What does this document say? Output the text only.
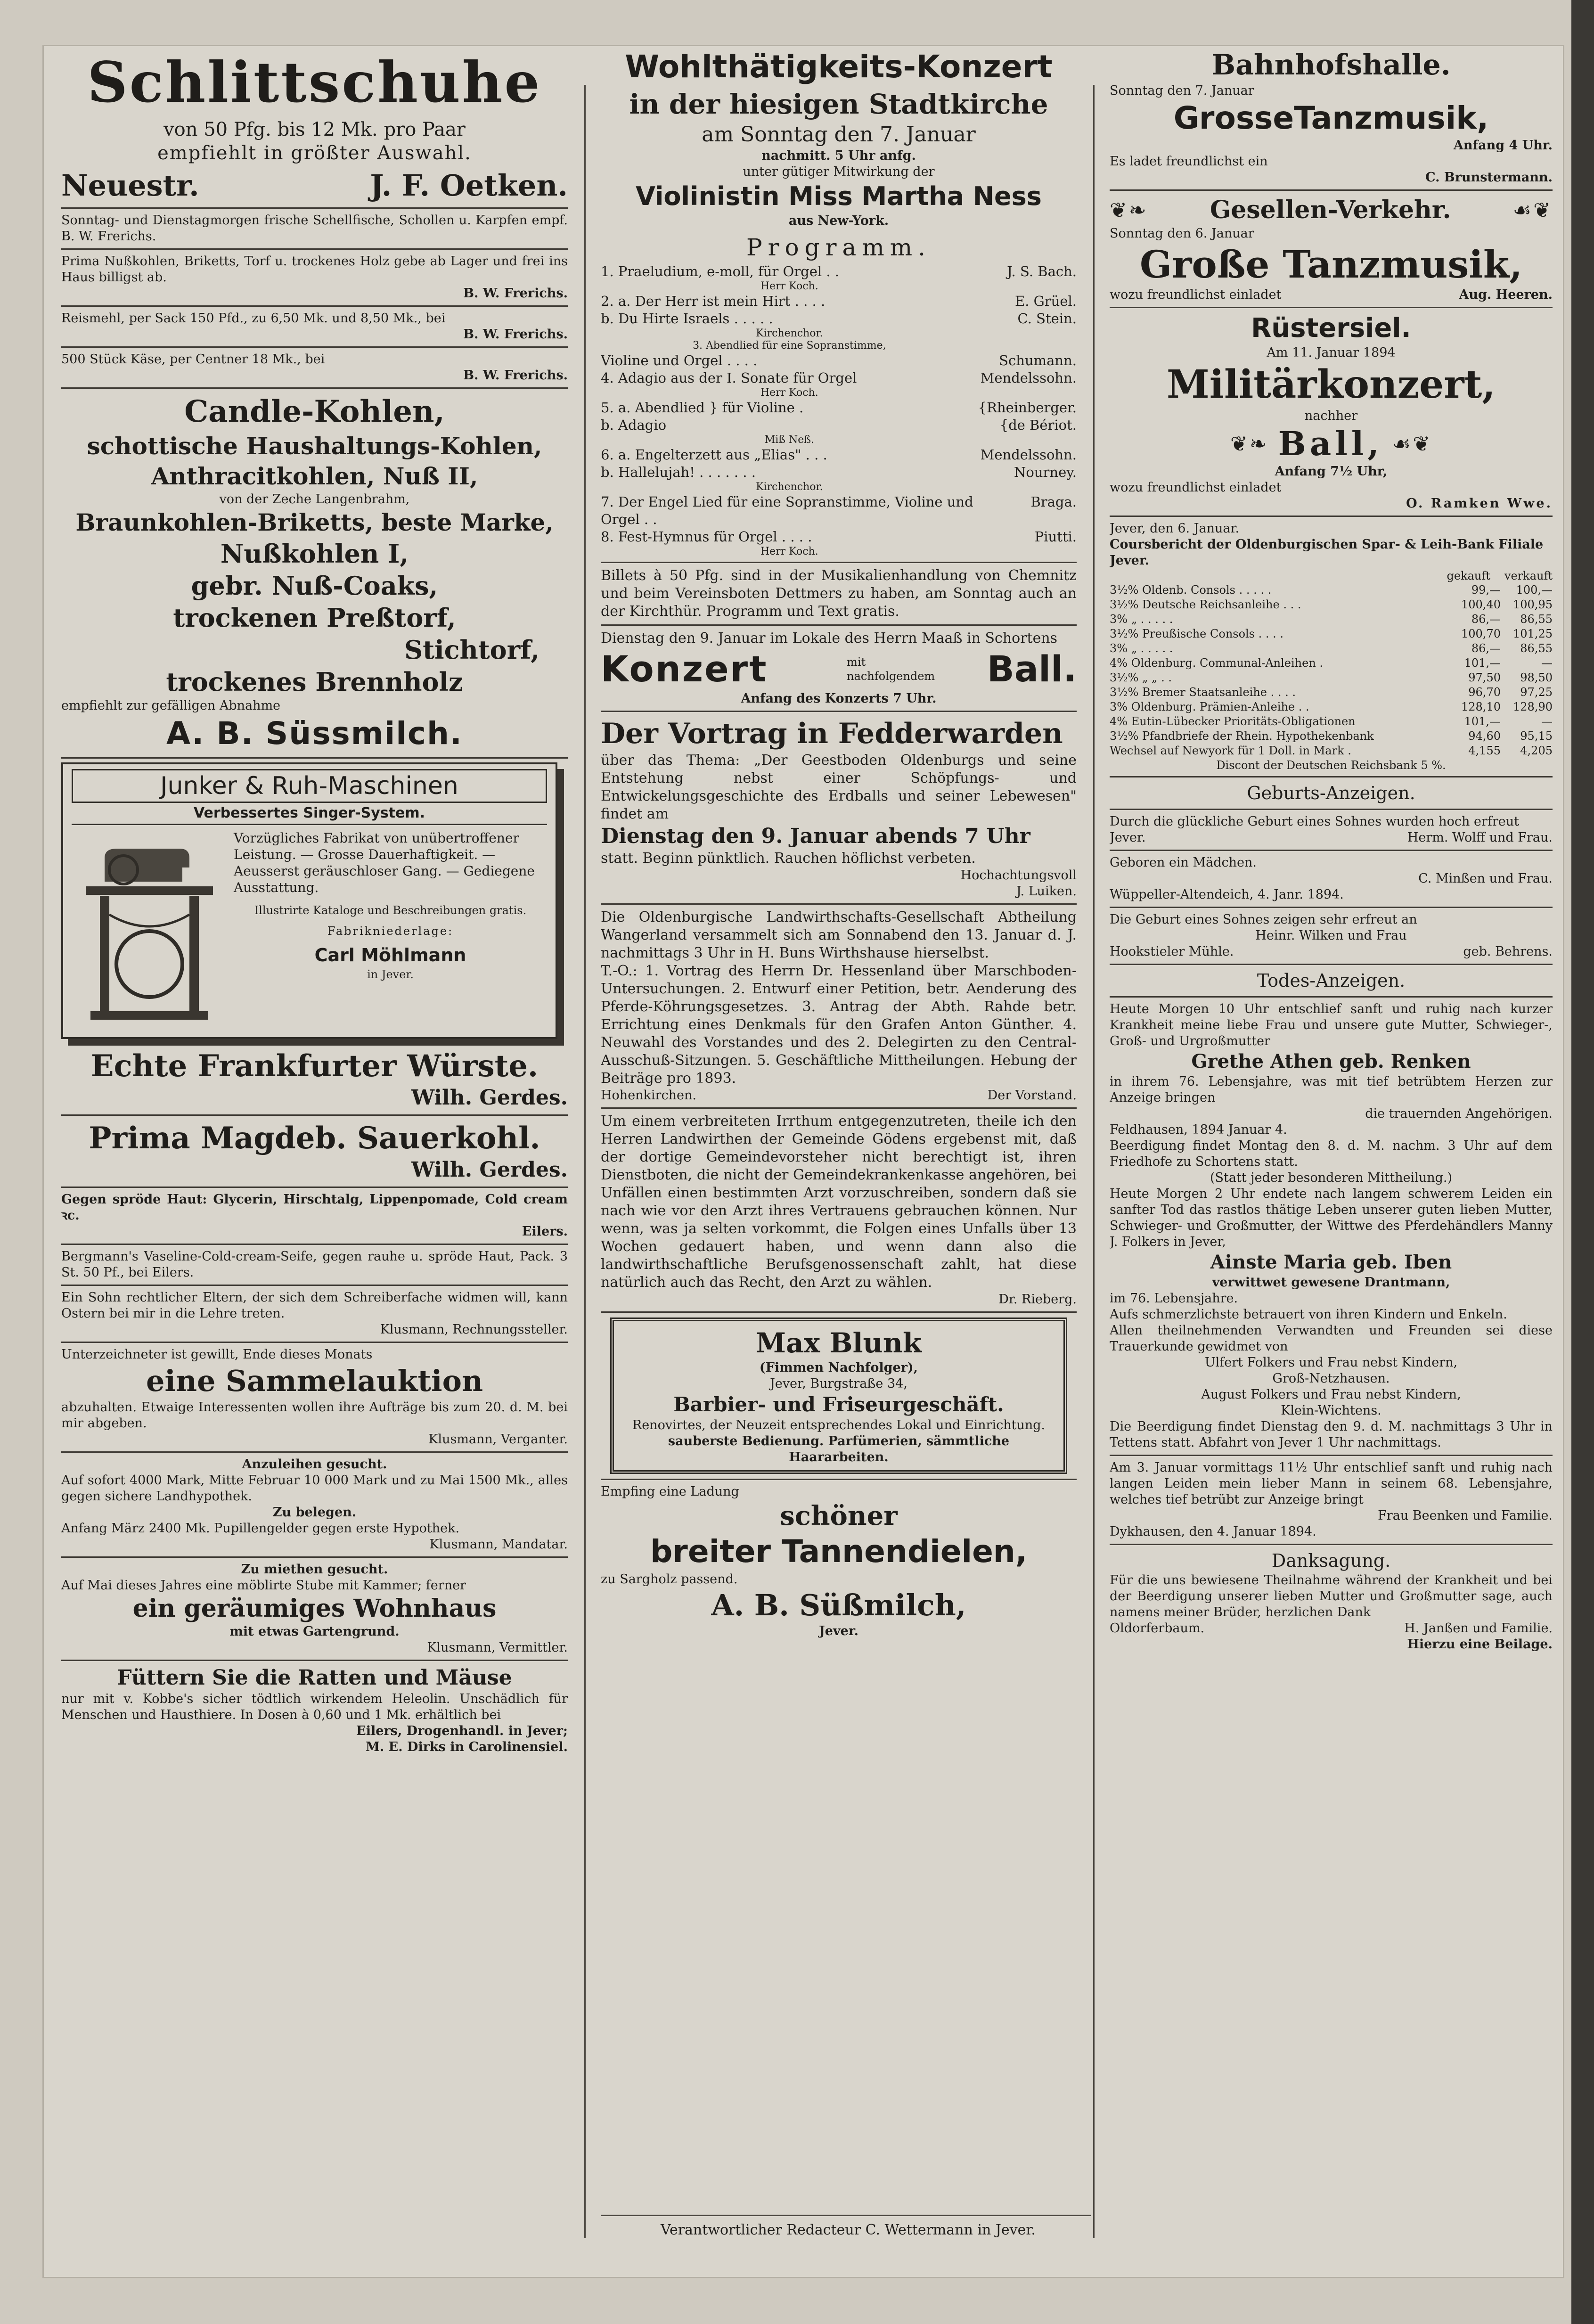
Schlittschuhe

von 50 Pfg. bis 12 Mk. pro Paar

empfiehlt in größter Auswahl.

Neuestr.	J. F. Oetken.

Sonntag- und Dienstagmorgen frische Schellfische, Schollen u. Karpfen empf. B. W. Frerichs.

Prima Nußkohlen, Briketts, Torf u. trockenes Holz gebe ab Lager und frei ins Haus billigst ab.

B. W. Frerichs.

Reismehl, per Sack 150 Pfd., zu 6,50 Mk. und 8,50 Mk., bei

B. W. Frerichs.

500 Stück Käse, per Centner 18 Mk., bei

B. W. Frerichs.

Candle-Kohlen,
schottische Haushaltungs-Kohlen,
Anthracitkohlen, Nuß II,

von der Zeche Langenbrahm,

Braunkohlen-Briketts, beste Marke,
Nußkohlen I,
gebr. Nuß-Coaks,
trockenen Preßtorf,
Stichtorf,
trockenes Brennholz

empfiehlt zur gefälligen Abnahme

A. B. Süssmilch.
Junker & Ruh-Maschinen
Verbessertes Singer-System.

Vorzügliches Fabrikat von unübertroffener Leistung. — Grosse Dauerhaftigkeit. — Aeusserst geräuschloser Gang. — Gediegene Ausstattung.

Illustrirte Kataloge und Beschreibungen gratis.

Fabrikniederlage:

Carl Möhlmann

in Jever.

Echte Frankfurter Würste.

Wilh. Gerdes.

Prima Magdeb. Sauerkohl.

Wilh. Gerdes.

Gegen spröde Haut: Glycerin, Hirschtalg, Lippenpomade, Cold cream ꝛc.

Eilers.

Bergmann's Vaseline-Cold-cream-Seife, gegen rauhe u. spröde Haut, Pack. 3 St. 50 Pf., bei Eilers.

Ein Sohn rechtlicher Eltern, der sich dem Schreiberfache widmen will, kann Ostern bei mir in die Lehre treten.

Klusmann, Rechnungssteller.

Unterzeichneter ist gewillt, Ende dieses Monats

eine Sammelauktion

abzuhalten. Etwaige Interessenten wollen ihre Aufträge bis zum 20. d. M. bei mir abgeben.

Klusmann, Verganter.

Anzuleihen gesucht.

Auf sofort 4000 Mark, Mitte Februar 10 000 Mark und zu Mai 1500 Mk., alles gegen sichere Landhypothek.

Zu belegen.

Anfang März 2400 Mk. Pupillengelder gegen erste Hypothek.

Klusmann, Mandatar.

Zu miethen gesucht.

Auf Mai dieses Jahres eine möblirte Stube mit Kammer; ferner

ein geräumiges Wohnhaus

mit etwas Gartengrund.

Klusmann, Vermittler.

Füttern Sie die Ratten und Mäuse

nur mit v. Kobbe's sicher tödtlich wirkendem Heleolin. Unschädlich für Menschen und Hausthiere. In Dosen à 0,60 und 1 Mk. erhältlich bei

Eilers, Drogenhandl. in Jever;

M. E. Dirks in Carolinensiel.

Wohlthätigkeits-Konzert
in der hiesigen Stadtkirche
am Sonntag den 7. Januar

nachmitt. 5 Uhr anfg.

unter gütiger Mitwirkung der

Violinistin Miss Martha Ness

aus New-York.

Programm.
1. Praeludium, e-moll, für Orgel . .	J. S. Bach.
Herr Koch.	
2. a. Der Herr ist mein Hirt . . . .	E. Grüel.
b. Du Hirte Israels . . . . .	C. Stein.
Kirchenchor.	
3. Abendlied für eine Sopranstimme,	
Violine und Orgel . . . .	Schumann.
4. Adagio aus der I. Sonate für Orgel	Mendelssohn.
Herr Koch.	
5. a. Abendlied } für Violine .	{Rheinberger.
b. Adagio	{de Bériot.
Miß Neß.	
6. a. Engelterzett aus „Elias" . . .	Mendelssohn.
b. Hallelujah! . . . . . . .	Nourney.
Kirchenchor.	
7. Der Engel Lied für eine Sopranstimme, Violine und Orgel . .	Braga.
8. Fest-Hymnus für Orgel . . . .	Piutti.
Herr Koch.	

Billets à 50 Pfg. sind in der Musikalienhandlung von Chemnitz und beim Vereinsboten Dettmers zu haben, am Sonntag auch an der Kirchthür. Programm und Text gratis.

Dienstag den 9. Januar im Lokale des Herrn Maaß in Schortens

Konzert	mit nachfolgendem Ball.

Anfang des Konzerts 7 Uhr.

Der Vortrag in Fedderwarden

über das Thema: „Der Geestboden Oldenburgs und seine Entstehung nebst einer Schöpfungs- und Entwickelungsgeschichte des Erdballs und seiner Lebewesen" findet am

Dienstag den 9. Januar abends 7 Uhr

statt. Beginn pünktlich. Rauchen höflichst verbeten.

Hochachtungsvoll

J. Luiken.

Die Oldenburgische Landwirthschafts-Gesellschaft Abtheilung Wangerland versammelt sich am Sonnabend den 13. Januar d. J. nachmittags 3 Uhr in H. Buns Wirthshause hierselbst.

T.-O.: 1. Vortrag des Herrn Dr. Hessenland über Marschboden-Untersuchungen. 2. Entwurf einer Petition, betr. Aenderung des Pferde-Köhrungsgesetzes. 3. Antrag der Abth. Rahde betr. Errichtung eines Denkmals für den Grafen Anton Günther. 4. Neuwahl des Vorstandes und des 2. Delegirten zu den Central-Ausschuß-Sitzungen. 5. Geschäftliche Mittheilungen. Hebung der Beiträge pro 1893.

Hohenkirchen.	Der Vorstand.

Um einem verbreiteten Irrthum entgegenzutreten, theile ich den Herren Landwirthen der Gemeinde Gödens ergebenst mit, daß der dortige Gemeindevorsteher nicht berechtigt ist, ihren Dienstboten, die nicht der Gemeindekrankenkasse angehören, bei Unfällen einen bestimmten Arzt vorzuschreiben, sondern daß sie nach wie vor den Arzt ihres Vertrauens gebrauchen können. Nur wenn, was ja selten vorkommt, die Folgen eines Unfalls über 13 Wochen gedauert haben, und wenn dann also die landwirthschaftliche Berufsgenossenschaft zahlt, hat diese natürlich auch das Recht, den Arzt zu wählen.

Dr. Rieberg.

Max Blunk

(Fimmen Nachfolger),

Jever, Burgstraße 34,

Barbier- und Friseurgeschäft.

Renovirtes, der Neuzeit entsprechendes Lokal und Einrichtung.

sauberste Bedienung. Parfümerien, sämmtliche Haararbeiten.

Empfing eine Ladung

schöner
breiter Tannendielen,

zu Sargholz passend.

A. B. Süßmilch,

Jever.

Bahnhofshalle.

Sonntag den 7. Januar

GrosseTanzmusik,

Anfang 4 Uhr.

Es ladet freundlichst ein

C. Brunstermann.

❦❧	Gesellen-Verkehr.	☙❦

Sonntag den 6. Januar

Große Tanzmusik,
wozu freundlichst einladet	Aug. Heeren.
Rüstersiel.

Am 11. Januar 1894

Militärkonzert,

nachher

❦❧ Ball, ☙❦

Anfang 7½ Uhr,

wozu freundlichst einladet

O. Ramken Wwe.

Jever, den 6. Januar.

Coursbericht der Oldenburgischen Spar- & Leih-Bank Filiale Jever.

gekauft verkauft
3½% Oldenb. Consols . . . . .	99,—	100,—
3½% Deutsche Reichsanleihe . . .	100,40	100,95
3% „ . . . . .	86,—	86,55
3½% Preußische Consols . . . .	100,70	101,25
3% „ . . . . .	86,—	86,55
4% Oldenburg. Communal-Anleihen .	101,—	—
3½% „ „ . .	97,50	98,50
3½% Bremer Staatsanleihe . . . .	96,70	97,25
3% Oldenburg. Prämien-Anleihe . .	128,10	128,90
4% Eutin-Lübecker Prioritäts-Obligationen	101,—	—
3½% Pfandbriefe der Rhein. Hypothekenbank	94,60	95,15
Wechsel auf Newyork für 1 Doll. in Mark .	4,155	4,205

Discont der Deutschen Reichsbank 5 %.

Geburts-Anzeigen.

Durch die glückliche Geburt eines Sohnes wurden hoch erfreut

Jever.	Herm. Wolff und Frau.

Geboren ein Mädchen.

C. Minßen und Frau.

Wüppeller-Altendeich, 4. Janr. 1894.

Die Geburt eines Sohnes zeigen sehr erfreut an

Heinr. Wilken und Frau

Hookstieler Mühle.	geb. Behrens.

Todes-Anzeigen.

Heute Morgen 10 Uhr entschlief sanft und ruhig nach kurzer Krankheit meine liebe Frau und unsere gute Mutter, Schwieger-, Groß- und Urgroßmutter

Grethe Athen geb. Renken

in ihrem 76. Lebensjahre, was mit tief betrübtem Herzen zur Anzeige bringen

die trauernden Angehörigen.

Feldhausen, 1894 Januar 4.

Beerdigung findet Montag den 8. d. M. nachm. 3 Uhr auf dem Friedhofe zu Schortens statt.

(Statt jeder besonderen Mittheilung.)

Heute Morgen 2 Uhr endete nach langem schwerem Leiden ein sanfter Tod das rastlos thätige Leben unserer guten lieben Mutter, Schwieger- und Großmutter, der Wittwe des Pferdehändlers Manny J. Folkers in Jever,

Ainste Maria geb. Iben

verwittwet gewesene Drantmann,

im 76. Lebensjahre.

Aufs schmerzlichste betrauert von ihren Kindern und Enkeln.

Allen theilnehmenden Verwandten und Freunden sei diese Trauerkunde gewidmet von

Ulfert Folkers und Frau nebst Kindern,

Groß-Netzhausen.

August Folkers und Frau nebst Kindern,

Klein-Wichtens.

Die Beerdigung findet Dienstag den 9. d. M. nachmittags 3 Uhr in Tettens statt. Abfahrt von Jever 1 Uhr nachmittags.

Am 3. Januar vormittags 11½ Uhr entschlief sanft und ruhig nach langen Leiden mein lieber Mann in seinem 68. Lebensjahre, welches tief betrübt zur Anzeige bringt

Frau Beenken und Familie.

Dykhausen, den 4. Januar 1894.

Danksagung.

Für die uns bewiesene Theilnahme während der Krankheit und bei der Beerdigung unserer lieben Mutter und Großmutter sage, auch namens meiner Brüder, herzlichen Dank

Oldorferbaum.	H. Janßen und Familie.

Hierzu eine Beilage.

Verantwortlicher Redacteur C. Wettermann in Jever.
